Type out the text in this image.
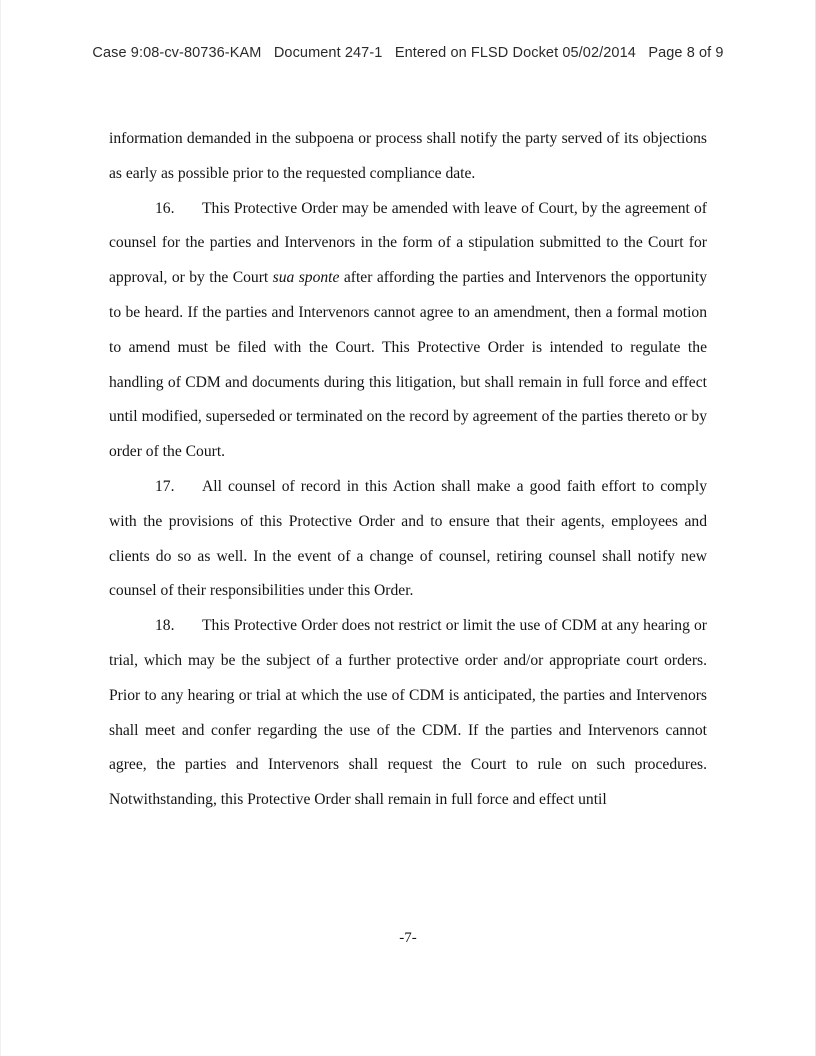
Case 9:08-cv-80736-KAM Document 247-1 Entered on FLSD Docket 05/02/2014 Page 8 of 9

information demanded in the subpoena or process shall notify the party served of its objections as early as possible prior to the requested compliance date.

16. This Protective Order may be amended with leave of Court, by the agreement of counsel for the parties and Intervenors in the form of a stipulation submitted to the Court for approval, or by the Court sua sponte after affording the parties and Intervenors the opportunity to be heard. If the parties and Intervenors cannot agree to an amendment, then a formal motion to amend must be filed with the Court. This Protective Order is intended to regulate the handling of CDM and documents during this litigation, but shall remain in full force and effect until modified, superseded or terminated on the record by agreement of the parties thereto or by order of the Court.

17. All counsel of record in this Action shall make a good faith effort to comply with the provisions of this Protective Order and to ensure that their agents, employees and clients do so as well. In the event of a change of counsel, retiring counsel shall notify new counsel of their responsibilities under this Order.

18. This Protective Order does not restrict or limit the use of CDM at any hearing or trial, which may be the subject of a further protective order and/or appropriate court orders. Prior to any hearing or trial at which the use of CDM is anticipated, the parties and Intervenors shall meet and confer regarding the use of the CDM. If the parties and Intervenors cannot agree, the parties and Intervenors shall request the Court to rule on such procedures. Notwithstanding, this Protective Order shall remain in full force and effect until

-7-
